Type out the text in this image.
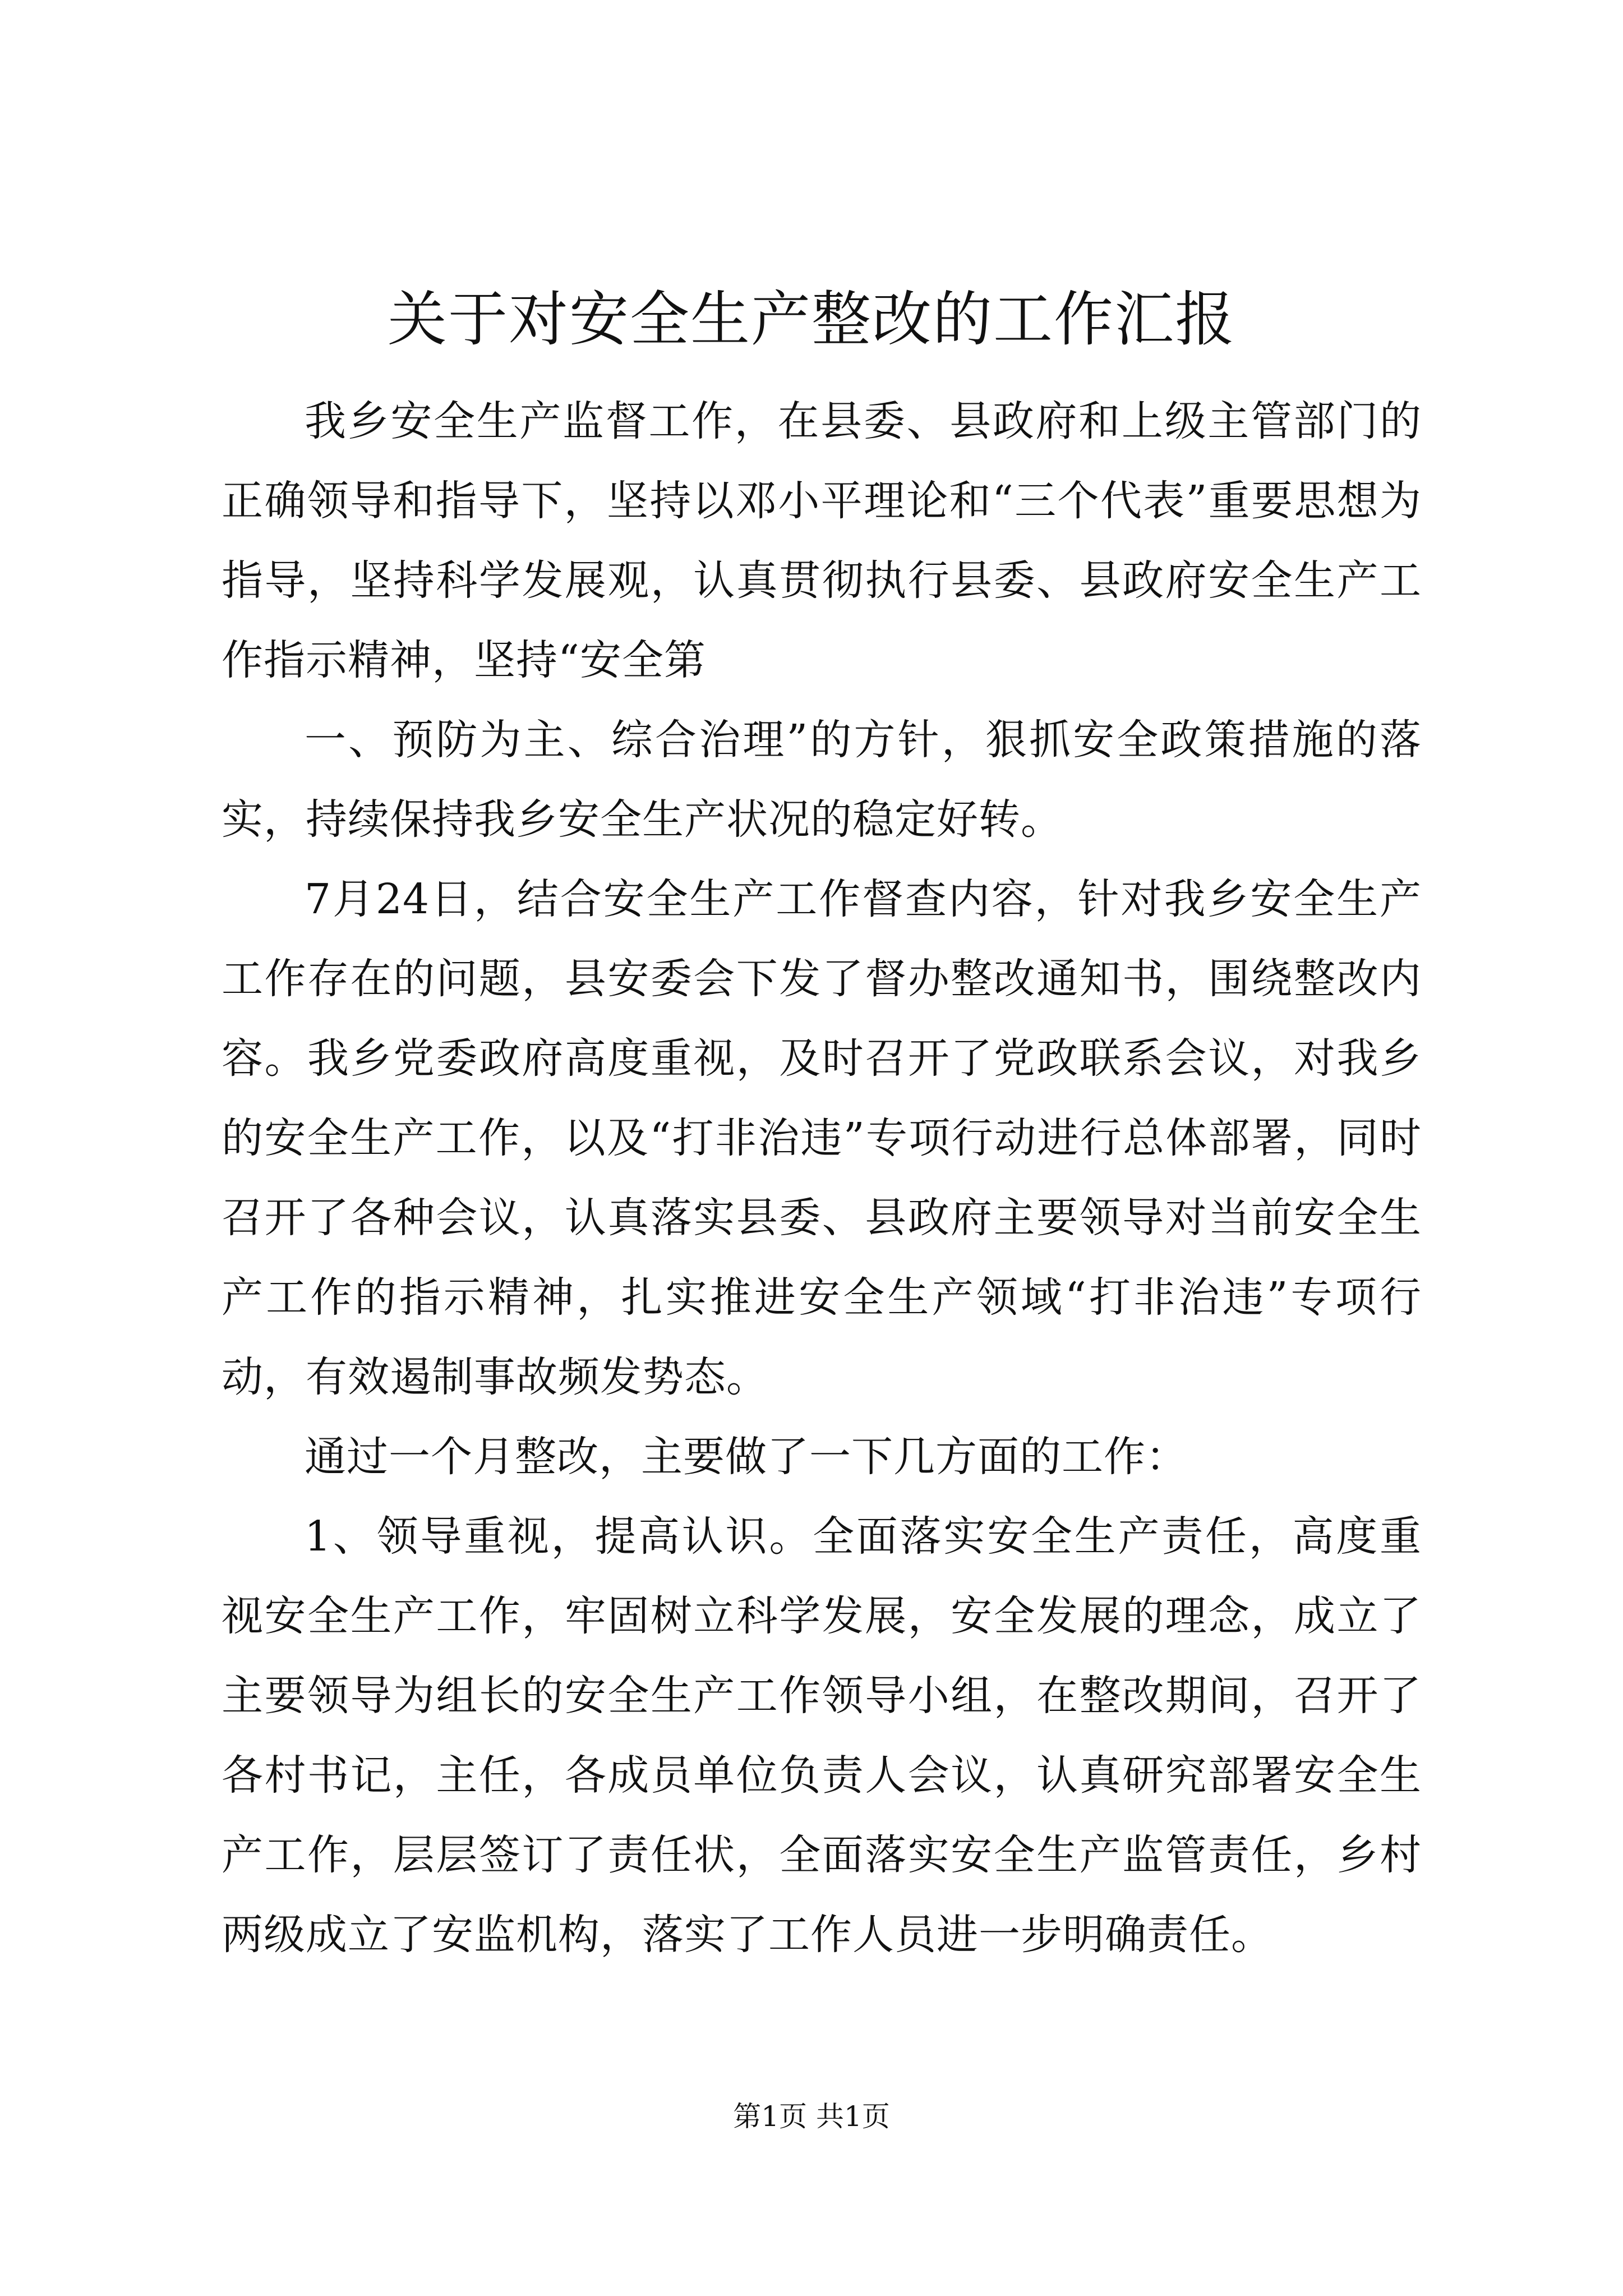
关于对安全生产整改的工作汇报

我乡安全生产监督工作，在县委、县政府和上级主管部门的正确领导和指导下，坚持以邓小平理论和“三个代表”重要思想为指导，坚持科学发展观，认真贯彻执行县委、县政府安全生产工作指示精神，坚持“安全第

一、预防为主、综合治理”的方针，狠抓安全政策措施的落实，持续保持我乡安全生产状况的稳定好转。

7月24日，结合安全生产工作督查内容，针对我乡安全生产工作存在的问题，县安委会下发了督办整改通知书，围绕整改内容。我乡党委政府高度重视，及时召开了党政联系会议，对我乡的安全生产工作，以及“打非治违”专项行动进行总体部署，同时召开了各种会议，认真落实县委、县政府主要领导对当前安全生产工作的指示精神，扎实推进安全生产领域“打非治违”专项行动，有效遏制事故频发势态。

通过一个月整改，主要做了一下几方面的工作：

1、领导重视，提高认识。全面落实安全生产责任，高度重视安全生产工作，牢固树立科学发展，安全发展的理念，成立了主要领导为组长的安全生产工作领导小组，在整改期间，召开了各村书记，主任，各成员单位负责人会议，认真研究部署安全生产工作，层层签订了责任状，全面落实安全生产监管责任，乡村两级成立了安监机构，落实了工作人员进一步明确责任。

第1页 共1页
